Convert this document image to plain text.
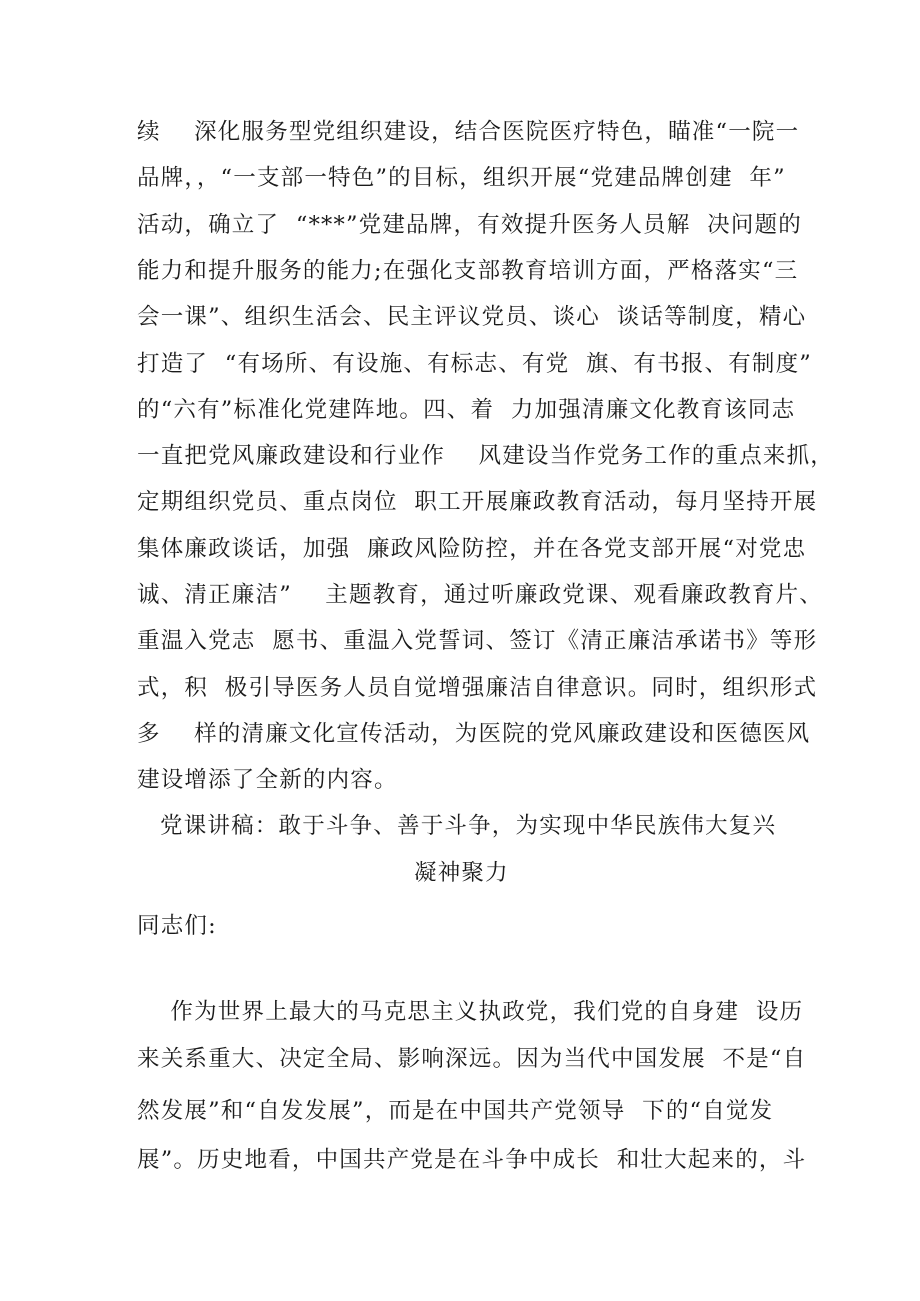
续    深化服务型党组织建设，结合医院医疗特色，瞄准“一院一
品牌，，“一支部一特色”的目标，组织开展“党建品牌创建  年”
活动，确立了  “***”党建品牌，有效提升医务人员解  决问题的
能力和提升服务的能力;在强化支部教育培训方面，严格落实“三
会一课”、组织生活会、民主评议党员、谈心  谈话等制度，精心
打造了  “有场所、有设施、有标志、有党  旗、有书报、有制度”
的“六有”标准化党建阵地。四、着  力加强清廉文化教育该同志
一直把党风廉政建设和行业作    风建设当作党务工作的重点来抓，
定期组织党员、重点岗位  职工开展廉政教育活动，每月坚持开展
集体廉政谈话，加强  廉政风险防控，并在各党支部开展“对党忠
诚、清正廉洁”    主题教育，通过听廉政党课、观看廉政教育片、
重温入党志  愿书、重温入党誓词、签订《清正廉洁承诺书》等形
式，积  极引导医务人员自觉增强廉洁自律意识。同时，组织形式
多    样的清廉文化宣传活动，为医院的党风廉政建设和医德医风
建设增添了全新的内容。
党课讲稿：敢于斗争、善于斗争，为实现中华民族伟大复兴
凝神聚力
同志们:
作为世界上最大的马克思主义执政党，我们党的自身建  设历
来关系重大、决定全局、影响深远。因为当代中国发展  不是“自
然发展”和“自发发展”，而是在中国共产党领导  下的“自觉发
展”。历史地看，中国共产党是在斗争中成长  和壮大起来的，斗
